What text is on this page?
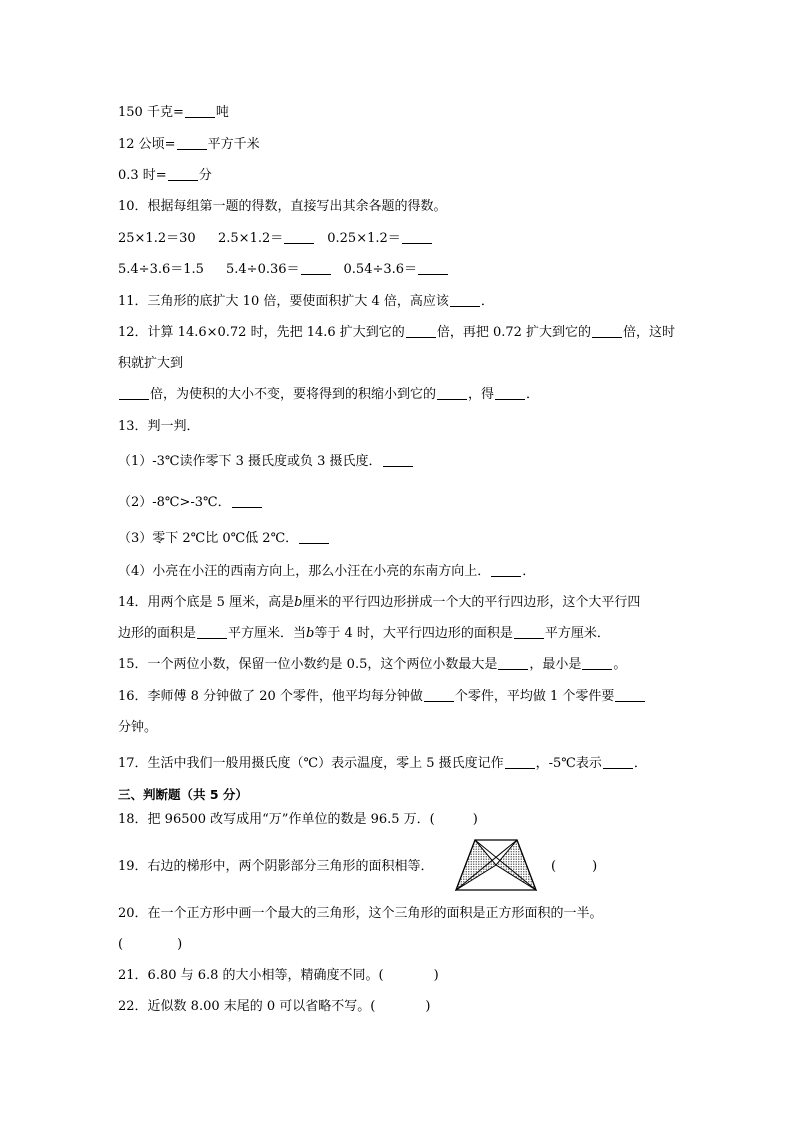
150 千克= 吨
12 公顷= 平方千米
0.3 时= 分
10．根据每组第一题的得数，直接写出其余各题的得数。
25×1.2＝30 2.5×1.2＝	0.25×1.2＝
5.4÷3.6＝1.5 5.4÷0.36＝	0.54÷3.6＝
11．三角形的底扩大 10 倍，要使面积扩大 4 倍，高应该 ．
12．计算 14.6×0.72 时，先把 14.6 扩大到它的 倍，再把 0.72 扩大到它的 倍，这时
积就扩大到
倍，为使积的大小不变，要将得到的积缩小到它的 ，得 ．
13．判一判．
（1）-3℃读作零下 3 摄氏度或负 3 摄氏度．
（2）-8℃>-3℃．
（3）零下 2℃比 0℃低 2℃．
（4）小亮在小汪的西南方向上，那么小汪在小亮的东南方向上． ．
14．用两个底是 5 厘米，高是b厘米的平行四边形拼成一个大的平行四边形，这个大平行四
边形的面积是 平方厘米．当b等于 4 时，大平行四边形的面积是 平方厘米．
15．一个两位小数，保留一位小数约是 0.5，这个两位小数最大是 ，最小是 。
16．李师傅 8 分钟做了 20 个零件，他平均每分钟做 个零件，平均做 1 个零件要
分钟。
17．生活中我们一般用摄氏度（℃）表示温度，零上 5 摄氏度记作 ，-5℃表示 ．
三、判断题（共 5 分）
18．把 96500 改写成用“万”作单位的数是 96.5 万．(	)
19．右边的梯形中，两个阴影部分三角形的面积相等．	(	)
20．在一个正方形中画一个最大的三角形，这个三角形的面积是正方形面积的一半。
(	)
21．6.80 与 6.8 的大小相等，精确度不同。(	)
22．近似数 8.00 末尾的 0 可以省略不写。(	)
